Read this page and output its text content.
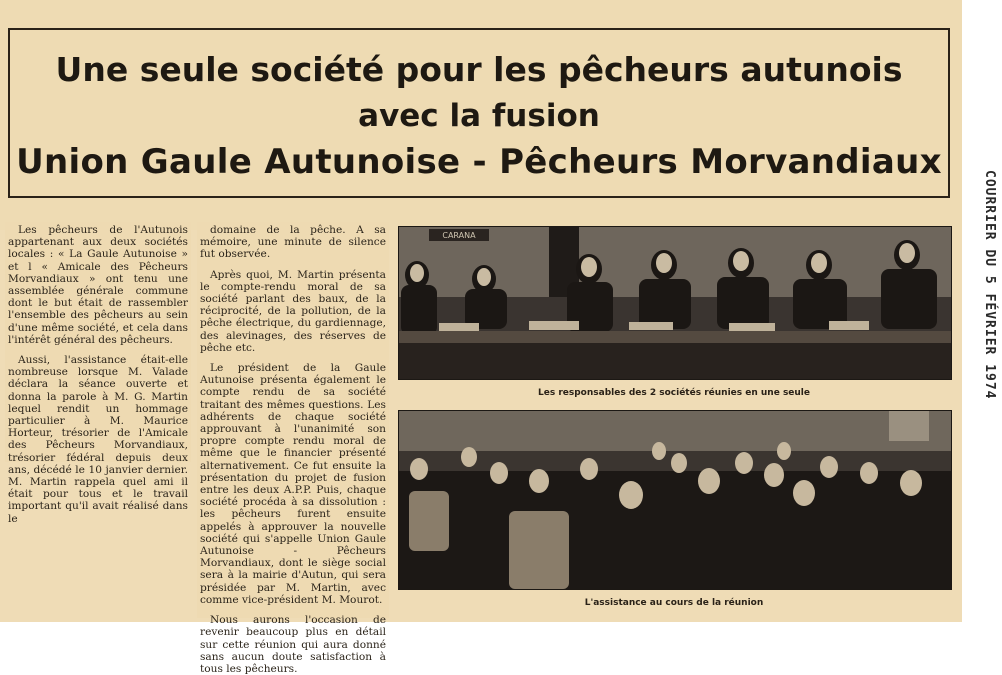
Une seule société pour les pêcheurs autunois
avec la fusion
Union Gaule Autunoise - Pêcheurs Morvandiaux

Les pêcheurs de l'Autunois appartenant aux deux sociétés locales : « La Gaule Autunoise » et l « Amicale des Pêcheurs Morvandiaux » ont tenu une assemblée générale commune dont le but était de rassembler l'ensemble des pêcheurs au sein d'une même société, et cela dans l'intérêt général des pêcheurs.

Aussi, l'assistance était-elle nombreuse lorsque M. Valade déclara la séance ouverte et donna la parole à M. G. Martin lequel rendit un hommage particulier à M. Maurice Horteur, trésorier de l'Amicale des Pêcheurs Morvandiaux, trésorier fédéral depuis deux ans, décédé le 10 janvier dernier. M. Martin rappela quel ami il était pour tous et le travail important qu'il avait réalisé dans le

domaine de la pêche. A sa mémoire, une minute de silence fut observée.

Après quoi, M. Martin présenta le compte-rendu moral de sa société parlant des baux, de la réciprocité, de la pollution, de la pêche électrique, du gardiennage, des alevinages, des réserves de pêche etc.

Le président de la Gaule Autunoise présenta également le compte rendu de sa société traitant des mêmes questions. Les adhérents de chaque société approuvant à l'unanimité son propre compte rendu moral de même que le financier présenté alternativement. Ce fut ensuite la présentation du projet de fusion entre les deux A.P.P. Puis, chaque société procéda à sa dissolution : les pêcheurs furent ensuite appelés à approuver la nouvelle société qui s'appelle Union Gaule Autunoise - Pêcheurs Morvandiaux, dont le siège social sera à la mairie d'Autun, qui sera présidée par M. Martin, avec comme vice-président M. Mourot.

Nous aurons l'occasion de revenir beaucoup plus en détail sur cette réunion qui aura donné sans aucun doute satisfaction à tous les pêcheurs.

CARANA
Les responsables des 2 sociétés réunies en une seule
L'assistance au cours de la réunion
COURRIER DU 5 FÉVRIER 1974
